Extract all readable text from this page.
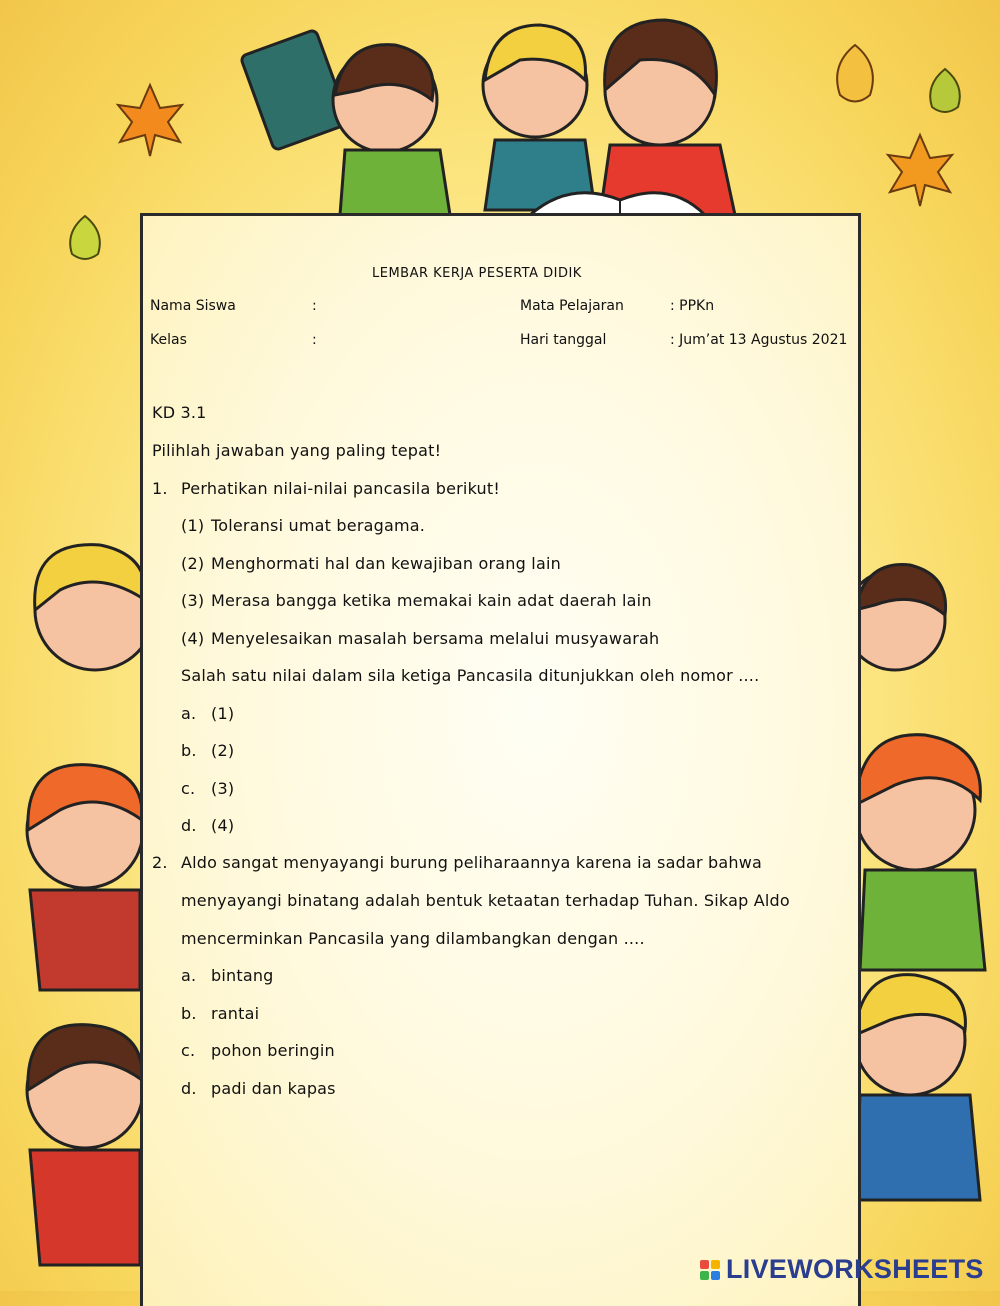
LEMBAR KERJA PESERTA DIDIK
Nama Siswa	:	Mata Pelajaran	: PPKn
Kelas	:	Hari tanggal	: Jum’at 13 Agustus 2021
KD 3.1
Pilihlah jawaban yang paling tepat!
1. Perhatikan nilai-nilai pancasila berikut!
(1) Toleransi umat beragama.
(2) Menghormati hal dan kewajiban orang lain
(3) Merasa bangga ketika memakai kain adat daerah lain
(4) Menyelesaikan masalah bersama melalui musyawarah
Salah satu nilai dalam sila ketiga Pancasila ditunjukkan oleh nomor ....
a. (1)
b. (2)
c. (3)
d. (4)
2. Aldo sangat menyayangi burung peliharaannya karena ia sadar bahwa
menyayangi binatang adalah bentuk ketaatan terhadap Tuhan. Sikap Aldo
mencerminkan Pancasila yang dilambangkan dengan ....
a. bintang
b. rantai
c. pohon beringin
d. padi dan kapas
LIVEWORKSHEETS
